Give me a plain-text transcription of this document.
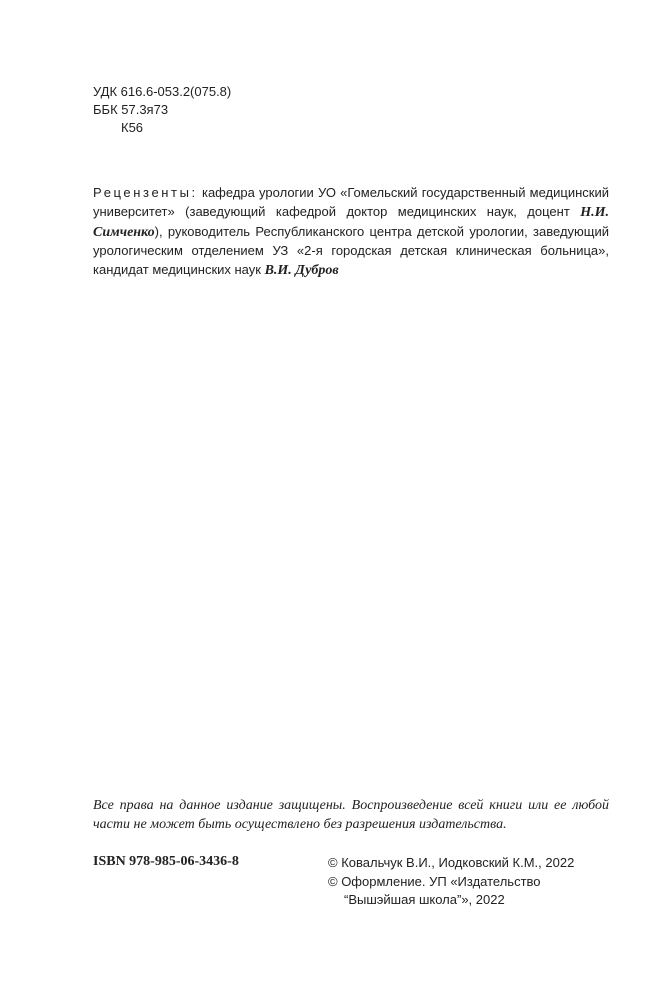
УДК 616.6-053.2(075.8)
ББК 57.3я73
К56
Рецензенты: кафедра урологии УО «Гомельский государственный медицинский университет» (заведующий кафедрой доктор медицинских наук, доцент Н.И. Симченко), руководитель Республиканского центра детской урологии, заведующий урологическим отделением УЗ «2-я городская детская клиническая больница», кандидат медицинских наук В.И. Дубров
Все права на данное издание защищены. Воспроизведение всей книги или ее любой части не может быть осуществлено без разрешения издательства.
ISBN 978-985-06-3436-8	© Ковальчук В.И., Иодковский К.М., 2022
© Оформление. УП «Издательство
“Вышэйшая школа”», 2022
